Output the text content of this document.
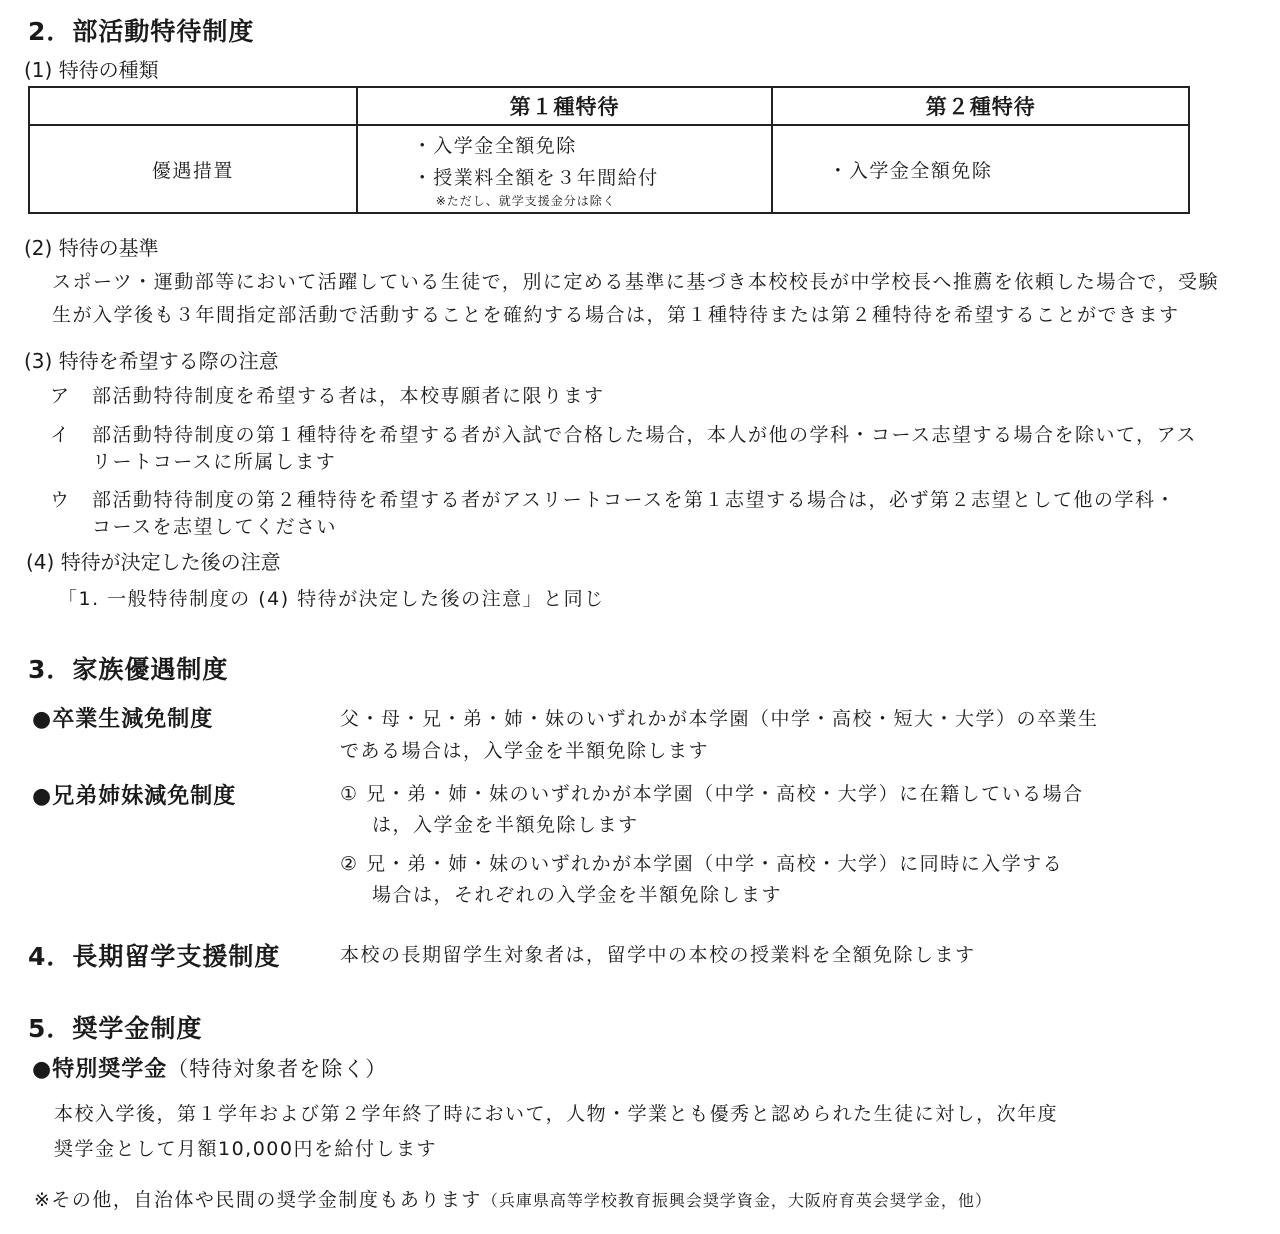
2．部活動特待制度
(1) 特待の種類
	第１種特待	第２種特待
優遇措置	・入学金全額免除
・授業料全額を３年間給付
※ただし、就学支援金分は除く	・入学金全額免除
(2) 特待の基準
スポーツ・運動部等において活躍している生徒で，別に定める基準に基づき本校校長が中学校長へ推薦を依頼した場合で，受験
生が入学後も３年間指定部活動で活動することを確約する場合は，第１種特待または第２種特待を希望することができます
(3) 特待を希望する際の注意
ア 部活動特待制度を希望する者は，本校専願者に限ります
イ 部活動特待制度の第１種特待を希望する者が入試で合格した場合，本人が他の学科・コース志望する場合を除いて，アス
リートコースに所属します
ウ 部活動特待制度の第２種特待を希望する者がアスリートコースを第１志望する場合は，必ず第２志望として他の学科・
コースを志望してください
(4) 特待が決定した後の注意
「1. 一般特待制度の (4) 特待が決定した後の注意」と同じ
3．家族優遇制度
●卒業生減免制度	父・母・兄・弟・姉・妹のいずれかが本学園（中学・高校・短大・大学）の卒業生
である場合は，入学金を半額免除します
●兄弟姉妹減免制度	① 兄・弟・姉・妹のいずれかが本学園（中学・高校・大学）に在籍している場合
は，入学金を半額免除します
② 兄・弟・姉・妹のいずれかが本学園（中学・高校・大学）に同時に入学する
場合は，それぞれの入学金を半額免除します
4．長期留学支援制度	本校の長期留学生対象者は，留学中の本校の授業料を全額免除します
5．奨学金制度
●特別奨学金（特待対象者を除く）
本校入学後，第１学年および第２学年終了時において，人物・学業とも優秀と認められた生徒に対し，次年度
奨学金として月額10,000円を給付します
※その他，自治体や民間の奨学金制度もあります（兵庫県高等学校教育振興会奨学資金，大阪府育英会奨学金，他）
